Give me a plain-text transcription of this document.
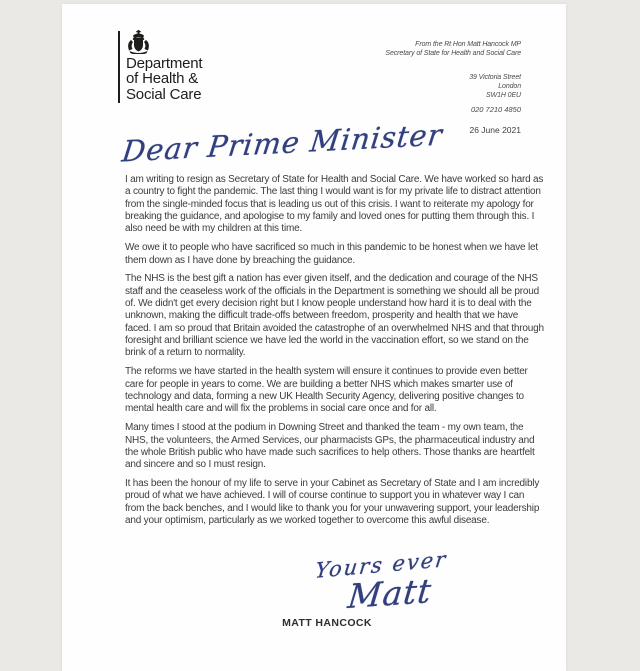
Department
of Health &
Social Care
From the Rt Hon Matt Hancock MP
Secretary of State for Health and Social Care
39 Victoria Street
London
SW1H 0EU
020 7210 4850
26 June 2021
Dear Prime Minister

I am writing to resign as Secretary of State for Health and Social Care. We have worked so hard as a country to fight the pandemic. The last thing I would want is for my private life to distract attention from the single-minded focus that is leading us out of this crisis. I want to reiterate my apology for breaking the guidance, and apologise to my family and loved ones for putting them through this. I also need be with my children at this time.

We owe it to people who have sacrificed so much in this pandemic to be honest when we have let them down as I have done by breaching the guidance.

The NHS is the best gift a nation has ever given itself, and the dedication and courage of the NHS staff and the ceaseless work of the officials in the Department is something we should all be proud of. We didn't get every decision right but I know people understand how hard it is to deal with the unknown, making the difficult trade-offs between freedom, prosperity and health that we have faced. I am so proud that Britain avoided the catastrophe of an overwhelmed NHS and that through foresight and brilliant science we have led the world in the vaccination effort, so we stand on the brink of a return to normality.

The reforms we have started in the health system will ensure it continues to provide even better care for people in years to come. We are building a better NHS which makes smarter use of technology and data, forming a new UK Health Security Agency, delivering positive changes to mental health care and will fix the problems in social care once and for all.

Many times I stood at the podium in Downing Street and thanked the team - my own team, the NHS, the volunteers, the Armed Services, our pharmacists GPs, the pharmaceutical industry and the whole British public who have made such sacrifices to help others. Those thanks are heartfelt and sincere and so I must resign.

It has been the honour of my life to serve in your Cabinet as Secretary of State and I am incredibly proud of what we have achieved. I will of course continue to support you in whatever way I can from the back benches, and I would like to thank you for your unwavering support, your leadership and your optimism, particularly as we worked together to overcome this awful disease.

Yours ever
Matt
MATT HANCOCK
